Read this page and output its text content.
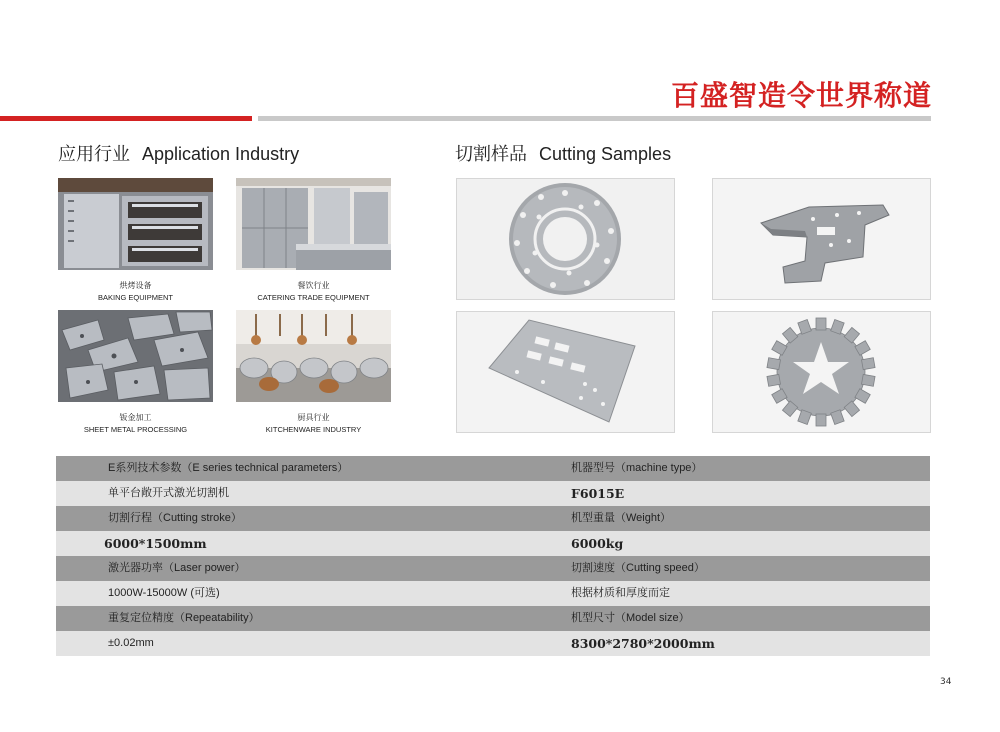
百盛智造令世界称道
应用行业 Application Industry	切割样品 Cutting Samples
烘烤设备
BAKING EQUIPMENT
餐饮行业
CATERING TRADE EQUIPMENT
钣金加工
SHEET METAL PROCESSING
厨具行业
KITCHENWARE INDUSTRY
E系列技术参数（E series technical parameters）	机器型号（machine type）
单平台敞开式激光切割机	F6015E
切割行程（Cutting stroke）	机型重量（Weight）
6000*1500mm	6000kg
激光器功率（Laser power）	切割速度（Cutting speed）
1000W-15000W (可选)	根据材质和厚度而定
重复定位精度（Repeatability）	机型尺寸（Model size）
±0.02mm	8300*2780*2000mm
34
